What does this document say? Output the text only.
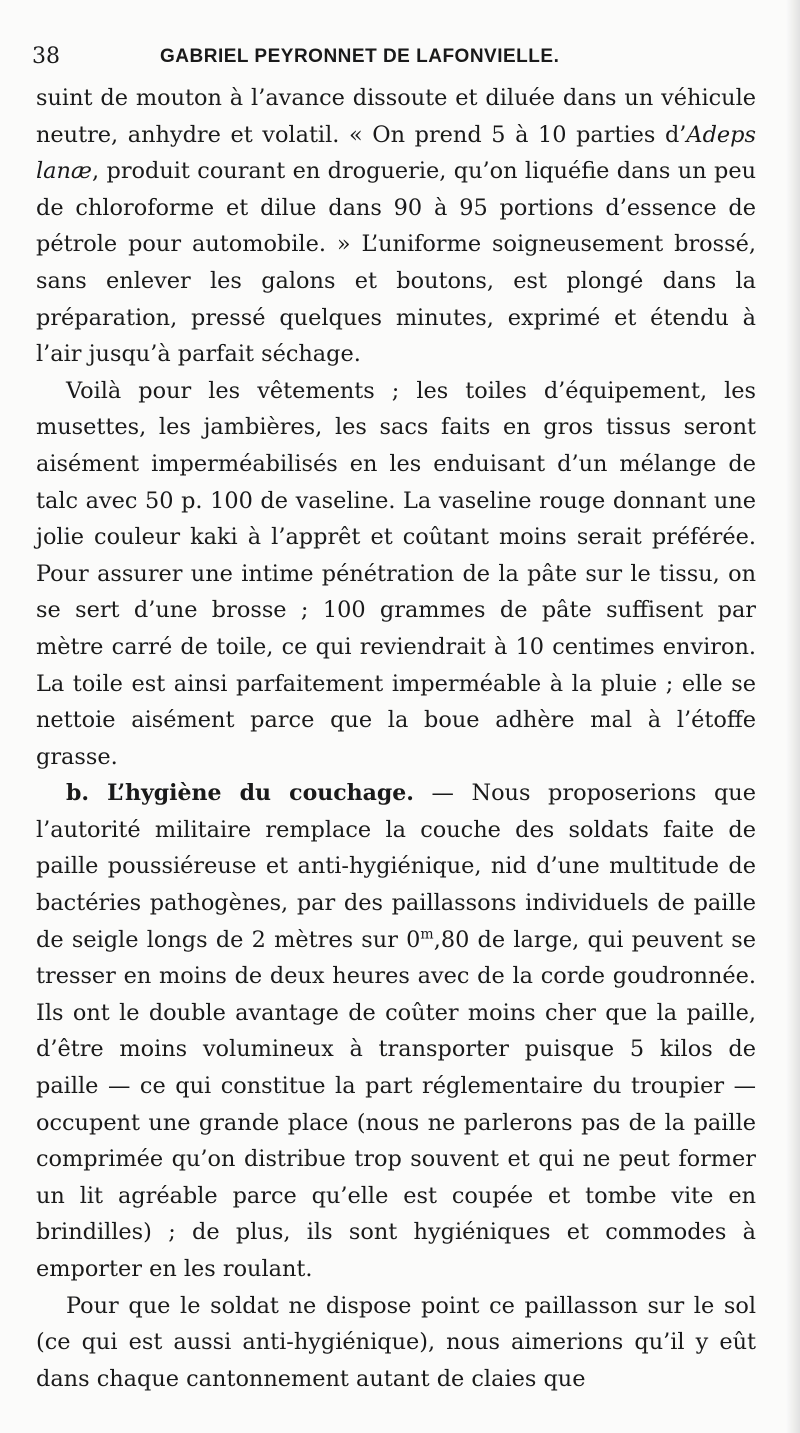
38	GABRIEL PEYRONNET DE LAFONVIELLE.

suint de mouton à l’avance dissoute et diluée dans un véhicule neutre, anhydre et volatil. « On prend 5 à 10 parties d’Adeps lanæ, produit courant en droguerie, qu’on liquéfie dans un peu de chloroforme et dilue dans 90 à 95 portions d’essence de pétrole pour automobile. » L’uniforme soigneusement brossé, sans enlever les galons et boutons, est plongé dans la préparation, pressé quelques minutes, exprimé et étendu à l’air jusqu’à parfait séchage.

Voilà pour les vêtements ; les toiles d’équipement, les musettes, les jambières, les sacs faits en gros tissus seront aisément imperméabilisés en les enduisant d’un mélange de talc avec 50 p. 100 de vaseline. La vaseline rouge donnant une jolie couleur kaki à l’apprêt et coûtant moins serait préférée. Pour assurer une intime pénétration de la pâte sur le tissu, on se sert d’une brosse ; 100 grammes de pâte suffisent par mètre carré de toile, ce qui reviendrait à 10 centimes environ. La toile est ainsi parfaitement imperméable à la pluie ; elle se nettoie aisément parce que la boue adhère mal à l’étoffe grasse.

b. L’hygiène du couchage. — Nous proposerions que l’autorité militaire remplace la couche des soldats faite de paille poussiéreuse et anti-hygiénique, nid d’une multitude de bactéries pathogènes, par des paillassons individuels de paille de seigle longs de 2 mètres sur 0$^m$,80 de large, qui peuvent se tresser en moins de deux heures avec de la corde goudronnée. Ils ont le double avantage de coûter moins cher que la paille, d’être moins volumineux à transporter puisque 5 kilos de paille — ce qui constitue la part réglementaire du troupier — occupent une grande place (nous ne parlerons pas de la paille comprimée qu’on distribue trop souvent et qui ne peut former un lit agréable parce qu’elle est coupée et tombe vite en brindilles) ; de plus, ils sont hygiéniques et commodes à emporter en les roulant.

Pour que le soldat ne dispose point ce paillasson sur le sol (ce qui est aussi anti-hygiénique), nous aimerions qu’il y eût dans chaque cantonnement autant de claies que
